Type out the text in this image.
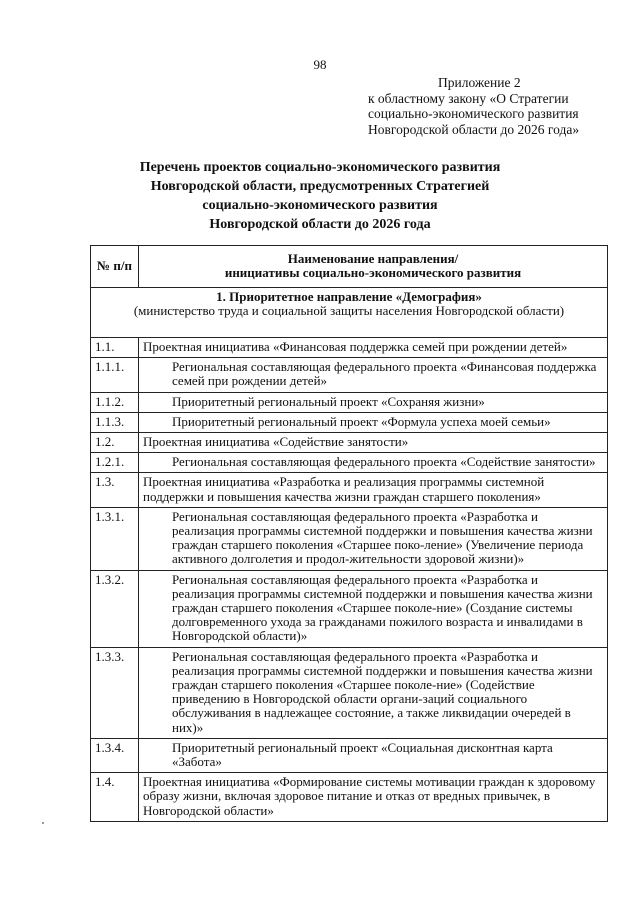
98
Приложение 2
к областному закону «О Стратегии
социально-экономического развития
Новгородской области до 2026 года»
Перечень проектов социально-экономического развития
Новгородской области, предусмотренных Стратегией
социально-экономического развития
Новгородской области до 2026 года
№ п/п	Наименование направления/
инициативы социально-экономического развития

1. Приоритетное направление «Демография»
(министерство труда и социальной защиты населения Новгородской области)	

1.1.	Проектная инициатива «Финансовая поддержка семей при рождении детей»
1.1.1.	Региональная составляющая федерального проекта «Финансовая поддержка семей при рождении детей»
1.1.2.	Приоритетный региональный проект «Сохраняя жизни»
1.1.3.	Приоритетный региональный проект «Формула успеха моей семьи»
1.2.	Проектная инициатива «Содействие занятости»
1.2.1.	Региональная составляющая федерального проекта «Содействие занятости»
1.3.	Проектная инициатива «Разработка и реализация программы системной поддержки и повышения качества жизни граждан старшего поколения»
1.3.1.	Региональная составляющая федерального проекта «Разработка и реализация программы системной поддержки и повышения качества жизни граждан старшего поколения «Старшее поко-ление» (Увеличение периода активного долголетия и продол-жительности здоровой жизни)»
1.3.2.	Региональная составляющая федерального проекта «Разработка и реализация программы системной поддержки и повышения качества жизни граждан старшего поколения «Старшее поколе-ние» (Создание системы долговременного ухода за гражданами пожилого возраста и инвалидами в Новгородской области)»
1.3.3.	Региональная составляющая федерального проекта «Разработка и реализация программы системной поддержки и повышения качества жизни граждан старшего поколения «Старшее поколе-ние» (Содействие приведению в Новгородской области органи-заций социального обслуживания в надлежащее состояние, а также ликвидации очередей в них)»
1.3.4.	Приоритетный региональный проект «Социальная дисконтная карта «Забота»
1.4.	Проектная инициатива «Формирование системы мотивации граждан к здоровому образу жизни, включая здоровое питание и отказ от вредных привычек, в Новгородской области»
